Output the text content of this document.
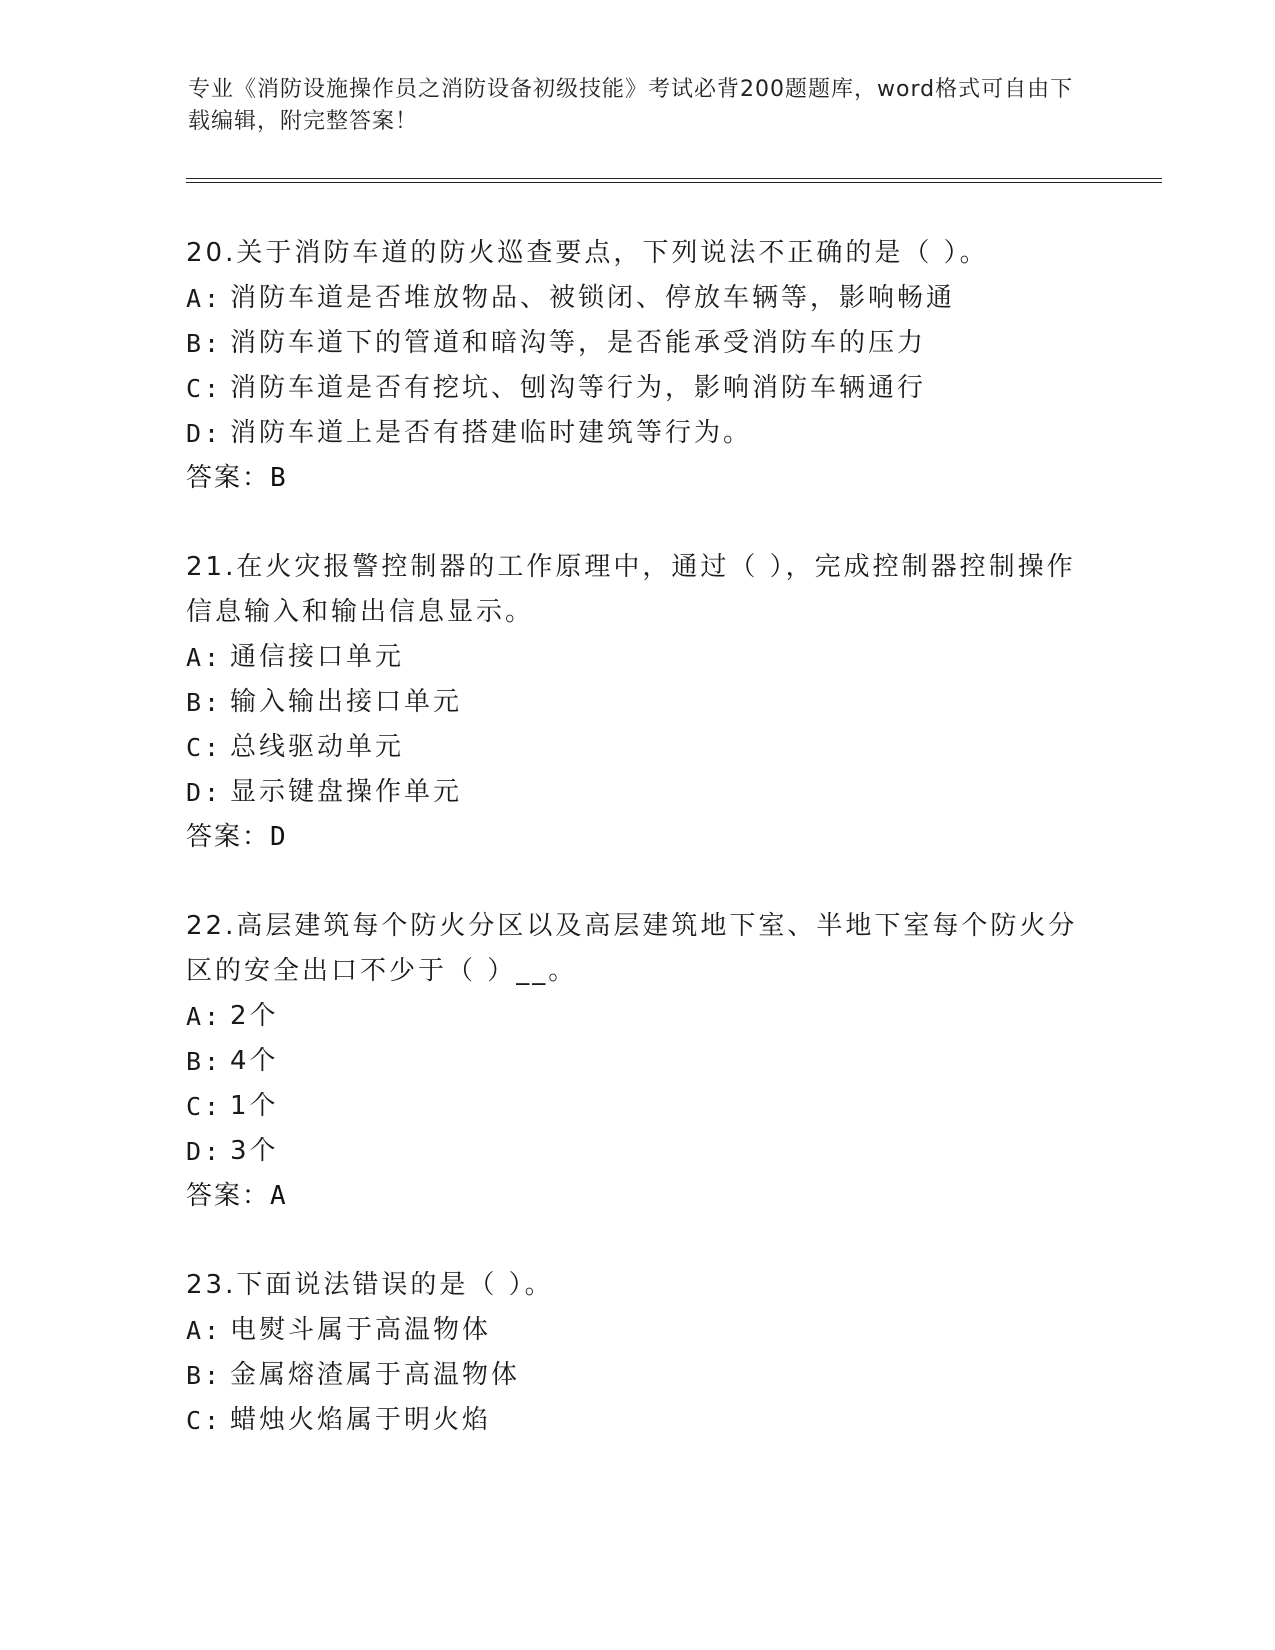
专业《消防设施操作员之消防设备初级技能》考试必背200题题库，word格式可自由下载编辑，附完整答案！
20.关于消防车道的防火巡查要点，下列说法不正确的是（ ）。
A: 消防车道是否堆放物品、被锁闭、停放车辆等，影响畅通
B: 消防车道下的管道和暗沟等，是否能承受消防车的压力
C: 消防车道是否有挖坑、刨沟等行为，影响消防车辆通行
D: 消防车道上是否有搭建临时建筑等行为。
答案：B
21.在火灾报警控制器的工作原理中，通过（ ），完成控制器控制操作信息输入和输出信息显示。
A: 通信接口单元
B: 输入输出接口单元
C: 总线驱动单元
D: 显示键盘操作单元
答案：D
22.高层建筑每个防火分区以及高层建筑地下室、半地下室每个防火分区的安全出口不少于（ ）__。
A: 2个
B: 4个
C: 1个
D: 3个
答案：A
23.下面说法错误的是（ ）。
A: 电熨斗属于高温物体
B: 金属熔渣属于高温物体
C: 蜡烛火焰属于明火焰
